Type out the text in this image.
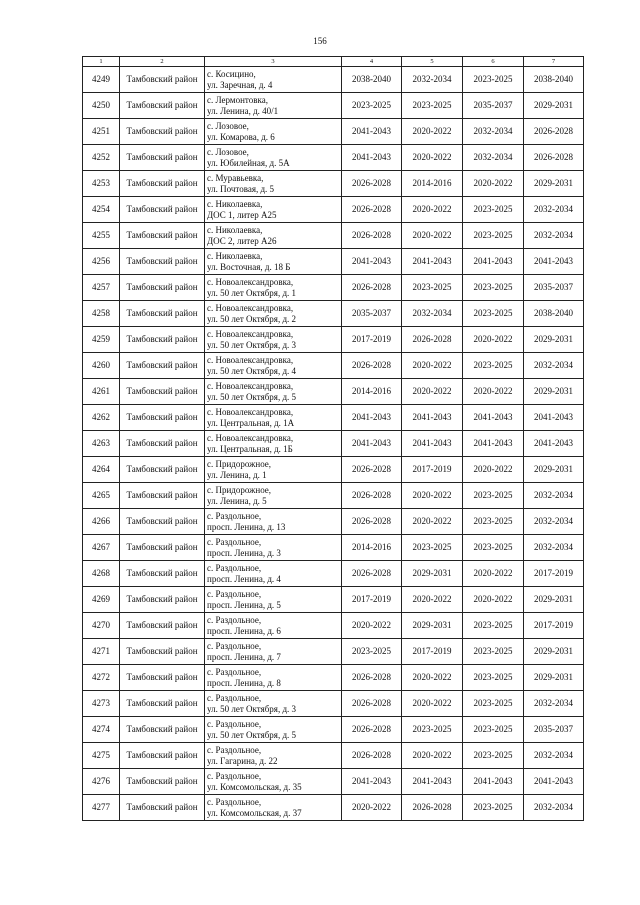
156
1	2	3	4	5	6	7
4249	Тамбовский район	с. Косицино,
ул. Заречная, д. 4	2038-2040	2032-2034	2023-2025	2038-2040
4250	Тамбовский район	с. Лермонтовка,
ул. Ленина, д. 40/1	2023-2025	2023-2025	2035-2037	2029-2031
4251	Тамбовский район	с. Лозовое,
ул. Комарова, д. 6	2041-2043	2020-2022	2032-2034	2026-2028
4252	Тамбовский район	с. Лозовое,
ул. Юбилейная, д. 5А	2041-2043	2020-2022	2032-2034	2026-2028
4253	Тамбовский район	с. Муравьевка,
ул. Почтовая, д. 5	2026-2028	2014-2016	2020-2022	2029-2031
4254	Тамбовский район	с. Николаевка,
ДОС 1, литер А25	2026-2028	2020-2022	2023-2025	2032-2034
4255	Тамбовский район	с. Николаевка,
ДОС 2, литер А26	2026-2028	2020-2022	2023-2025	2032-2034
4256	Тамбовский район	с. Николаевка,
ул. Восточная, д. 18 Б	2041-2043	2041-2043	2041-2043	2041-2043
4257	Тамбовский район	с. Новоалександровка,
ул. 50 лет Октября, д. 1	2026-2028	2023-2025	2023-2025	2035-2037
4258	Тамбовский район	с. Новоалександровка,
ул. 50 лет Октября, д. 2	2035-2037	2032-2034	2023-2025	2038-2040
4259	Тамбовский район	с. Новоалександровка,
ул. 50 лет Октября, д. 3	2017-2019	2026-2028	2020-2022	2029-2031
4260	Тамбовский район	с. Новоалександровка,
ул. 50 лет Октября, д. 4	2026-2028	2020-2022	2023-2025	2032-2034
4261	Тамбовский район	с. Новоалександровка,
ул. 50 лет Октября, д. 5	2014-2016	2020-2022	2020-2022	2029-2031
4262	Тамбовский район	с. Новоалександровка,
ул. Центральная, д. 1А	2041-2043	2041-2043	2041-2043	2041-2043
4263	Тамбовский район	с. Новоалександровка,
ул. Центральная, д. 1Б	2041-2043	2041-2043	2041-2043	2041-2043
4264	Тамбовский район	с. Придорожное,
ул. Ленина, д. 1	2026-2028	2017-2019	2020-2022	2029-2031
4265	Тамбовский район	с. Придорожное,
ул. Ленина, д. 5	2026-2028	2020-2022	2023-2025	2032-2034
4266	Тамбовский район	с. Раздольное,
просп. Ленина, д. 13	2026-2028	2020-2022	2023-2025	2032-2034
4267	Тамбовский район	с. Раздольное,
просп. Ленина, д. 3	2014-2016	2023-2025	2023-2025	2032-2034
4268	Тамбовский район	с. Раздольное,
просп. Ленина, д. 4	2026-2028	2029-2031	2020-2022	2017-2019
4269	Тамбовский район	с. Раздольное,
просп. Ленина, д. 5	2017-2019	2020-2022	2020-2022	2029-2031
4270	Тамбовский район	с. Раздольное,
просп. Ленина, д. 6	2020-2022	2029-2031	2023-2025	2017-2019
4271	Тамбовский район	с. Раздольное,
просп. Ленина, д. 7	2023-2025	2017-2019	2023-2025	2029-2031
4272	Тамбовский район	с. Раздольное,
просп. Ленина, д. 8	2026-2028	2020-2022	2023-2025	2029-2031
4273	Тамбовский район	с. Раздольное,
ул. 50 лет Октября, д. 3	2026-2028	2020-2022	2023-2025	2032-2034
4274	Тамбовский район	с. Раздольное,
ул. 50 лет Октября, д. 5	2026-2028	2023-2025	2023-2025	2035-2037
4275	Тамбовский район	с. Раздольное,
ул. Гагарина, д. 22	2026-2028	2020-2022	2023-2025	2032-2034
4276	Тамбовский район	с. Раздольное,
ул. Комсомольская, д. 35	2041-2043	2041-2043	2041-2043	2041-2043
4277	Тамбовский район	с. Раздольное,
ул. Комсомольская, д. 37	2020-2022	2026-2028	2023-2025	2032-2034
